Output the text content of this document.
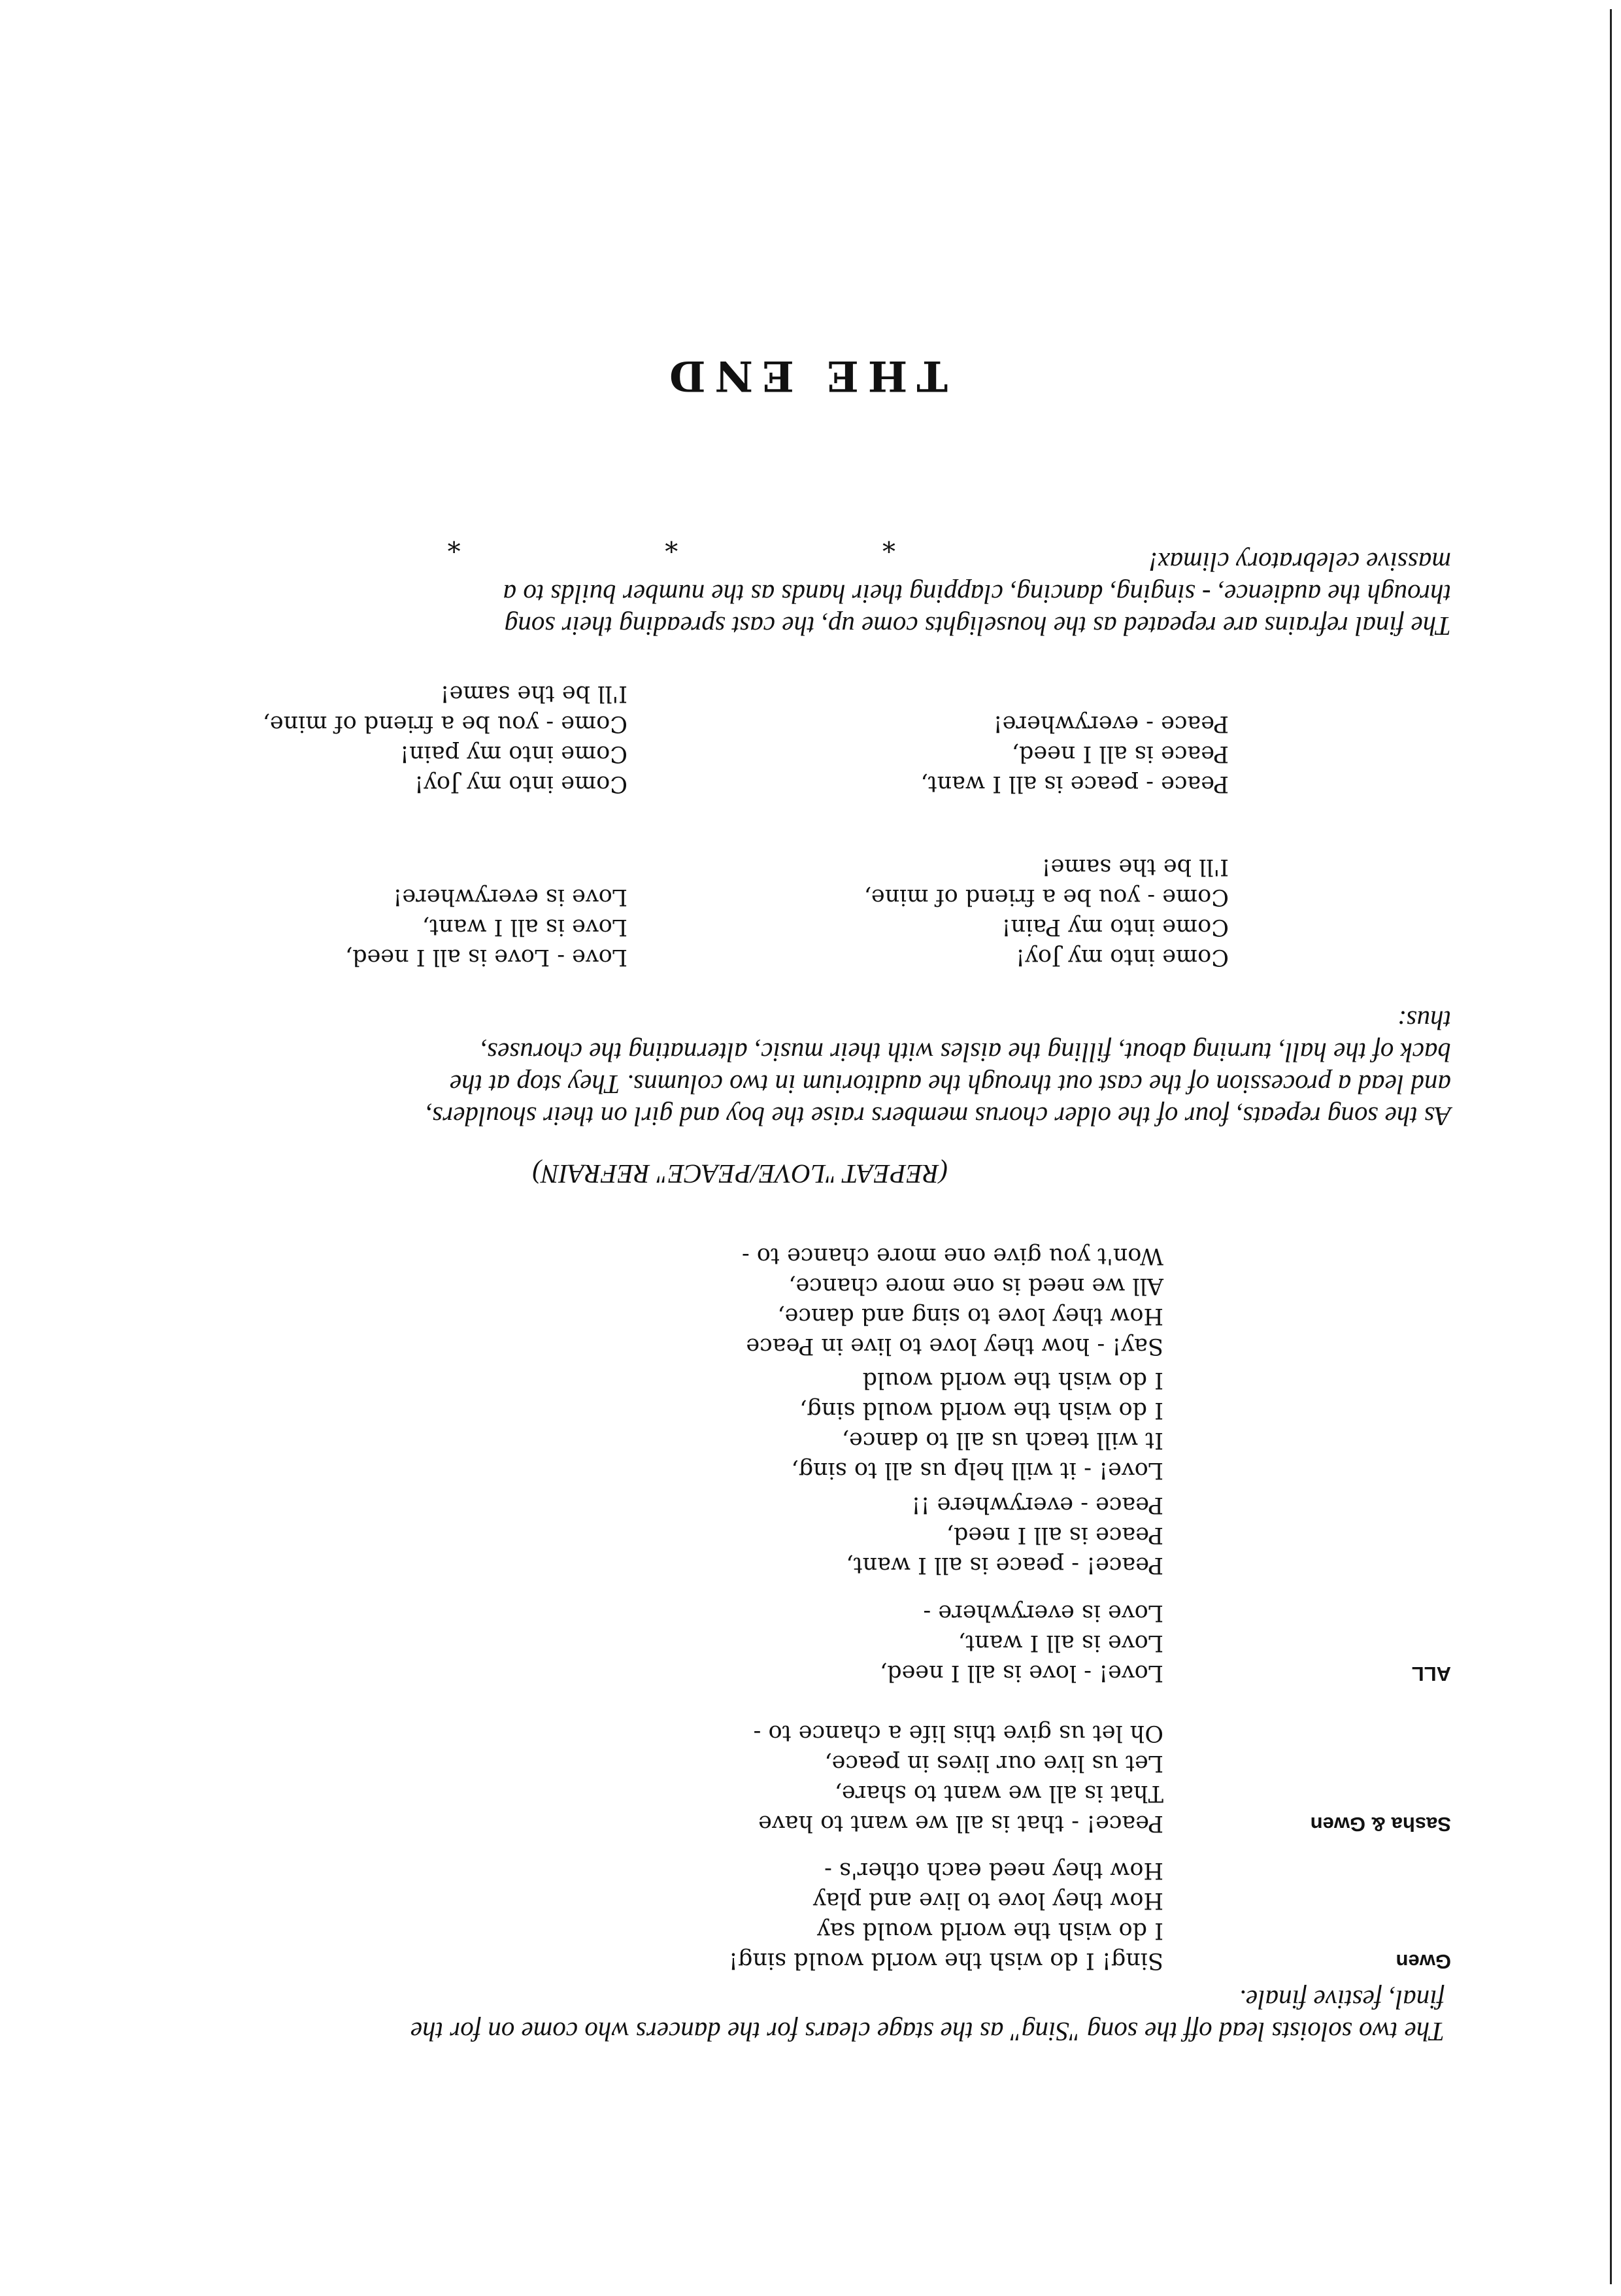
The two soloists lead off the song "Sing" as the stage clears for the dancers who come on for the
final, festive finale.
Gwen
Sing! I do wish the world would sing!
I do wish the world would say
How they love to live and play
How they need each other's -
Sasha & Gwen
Peace! - that is all we want to have
That is all we want to share,
Let us live our lives in peace,
Oh let us give this life a chance to -
ALL
Love! - love is all I need,
Love is all I want,
Love is everywhere -
Peace! - peace is all I want,
Peace is all I need,
Peace - everywhere !!
Love! - it will help us all to sing,
It will teach us all to dance,
I do wish the world would sing,
I do wish the world would
Say! - how they love to live in Peace
How they love to sing and dance,
All we need is one more chance,
Won't you give one more chance to -
(REPEAT "LOVE/PEACE" REFRAIN)
As the song repeats, four of the older chorus members raise the boy and girl on their shoulders,
and lead a procession of the cast out through the auditorium in two columns. They stop at the
back of the hall, turning about, filling the aisles with their music, alternating the choruses,
thus:
Come into my Joy!
Come into my Pain!
Come - you be a friend of mine,
I'll be the same!
Love - Love is all I need,
Love is all I want,
Love is everywhere!
Peace - peace is all I want,
Peace is all I need,
Peace - everywhere!
Come into my Joy!
Come into my pain!
Come - you be a friend of mine,
I'll be the same!
The final refrains are repeated as the houselights come up, the cast spreading their song
through the audience, - singing, dancing, clapping their hands as the number builds to a
massive celebratory climax!
* * *
THE END
